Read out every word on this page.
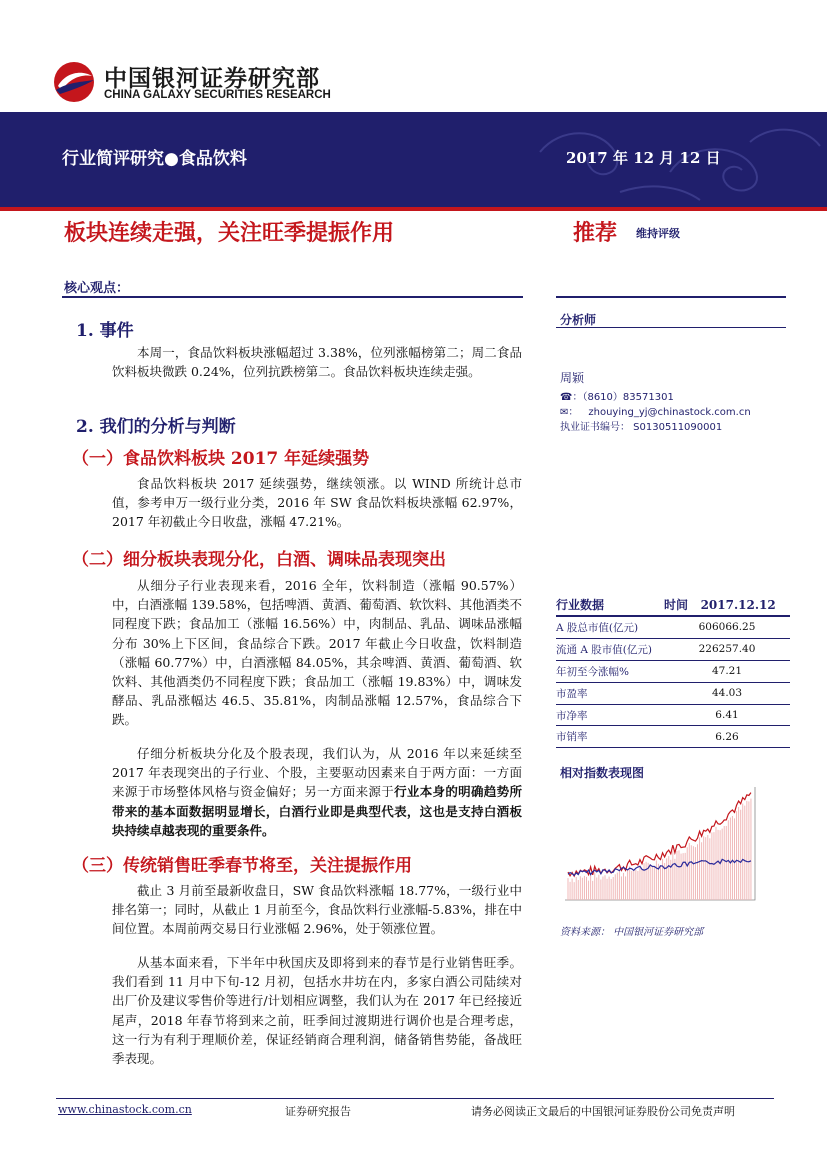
中国银河证券研究部
CHINA GALAXY SECURITIES RESEARCH
行业简评研究●食品饮料	2017 年 12 月 12 日
板块连续走强，关注旺季提振作用	推荐 维持评级
核心观点：
1. 事件

本周一，食品饮料板块涨幅超过 3.38%，位列涨幅榜第二；周二食品饮料板块微跌 0.24%，位列抗跌榜第二。食品饮料板块连续走强。

2. 我们的分析与判断
（一）食品饮料板块 2017 年延续强势

食品饮料板块 2017 延续强势，继续领涨。以 WIND 所统计总市值，参考申万一级行业分类，2016 年 SW 食品饮料板块涨幅 62.97%，2017 年初截止今日收盘，涨幅 47.21%。

（二）细分板块表现分化，白酒、调味品表现突出

从细分子行业表现来看，2016 全年，饮料制造（涨幅 90.57%）中，白酒涨幅 139.58%，包括啤酒、黄酒、葡萄酒、软饮料、其他酒类不同程度下跌；食品加工（涨幅 16.56%）中，肉制品、乳品、调味品涨幅分布 30%上下区间，食品综合下跌。2017 年截止今日收盘，饮料制造（涨幅 60.77%）中，白酒涨幅 84.05%，其余啤酒、黄酒、葡萄酒、软饮料、其他酒类仍不同程度下跌；食品加工（涨幅 19.83%）中，调味发酵品、乳品涨幅达 46.5、35.81%，肉制品涨幅 12.57%，食品综合下跌。

仔细分析板块分化及个股表现，我们认为，从 2016 年以来延续至 2017 年表现突出的子行业、个股，主要驱动因素来自于两方面：一方面来源于市场整体风格与资金偏好；另一方面来源于行业本身的明确趋势所带来的基本面数据明显增长，白酒行业即是典型代表，这也是支持白酒板块持续卓越表现的重要条件。

（三）传统销售旺季春节将至，关注提振作用

截止 3 月前至最新收盘日，SW 食品饮料涨幅 18.77%，一级行业中排名第一；同时，从截止 1 月前至今，食品饮料行业涨幅-5.83%，排在中间位置。本周前两交易日行业涨幅 2.96%，处于领涨位置。

从基本面来看，下半年中秋国庆及即将到来的春节是行业销售旺季。我们看到 11 月中下旬-12 月初，包括水井坊在内，多家白酒公司陆续对出厂价及建议零售价等进行/计划相应调整，我们认为在 2017 年已经接近尾声，2018 年春节将到来之前，旺季间过渡期进行调价也是合理考虑，这一行为有利于理顺价差，保证经销商合理利润，储备销售势能，备战旺季表现。

分析师
周颖
☎：（8610）83571301
✉： zhouying_yj@chinastock.com.cn
执业证书编号： S0130511090001
行业数据	时间 2017.12.12
A 股总市值(亿元)	606066.25
流通 A 股市值(亿元)	226257.40
年初至今涨幅%	47.21
市盈率	44.03
市净率	6.41
市销率	6.26
相对指数表现图
资料来源： 中国银河证券研究部
www.chinastock.com.cn	证券研究报告	请务必阅读正文最后的中国银河证券股份公司免责声明
